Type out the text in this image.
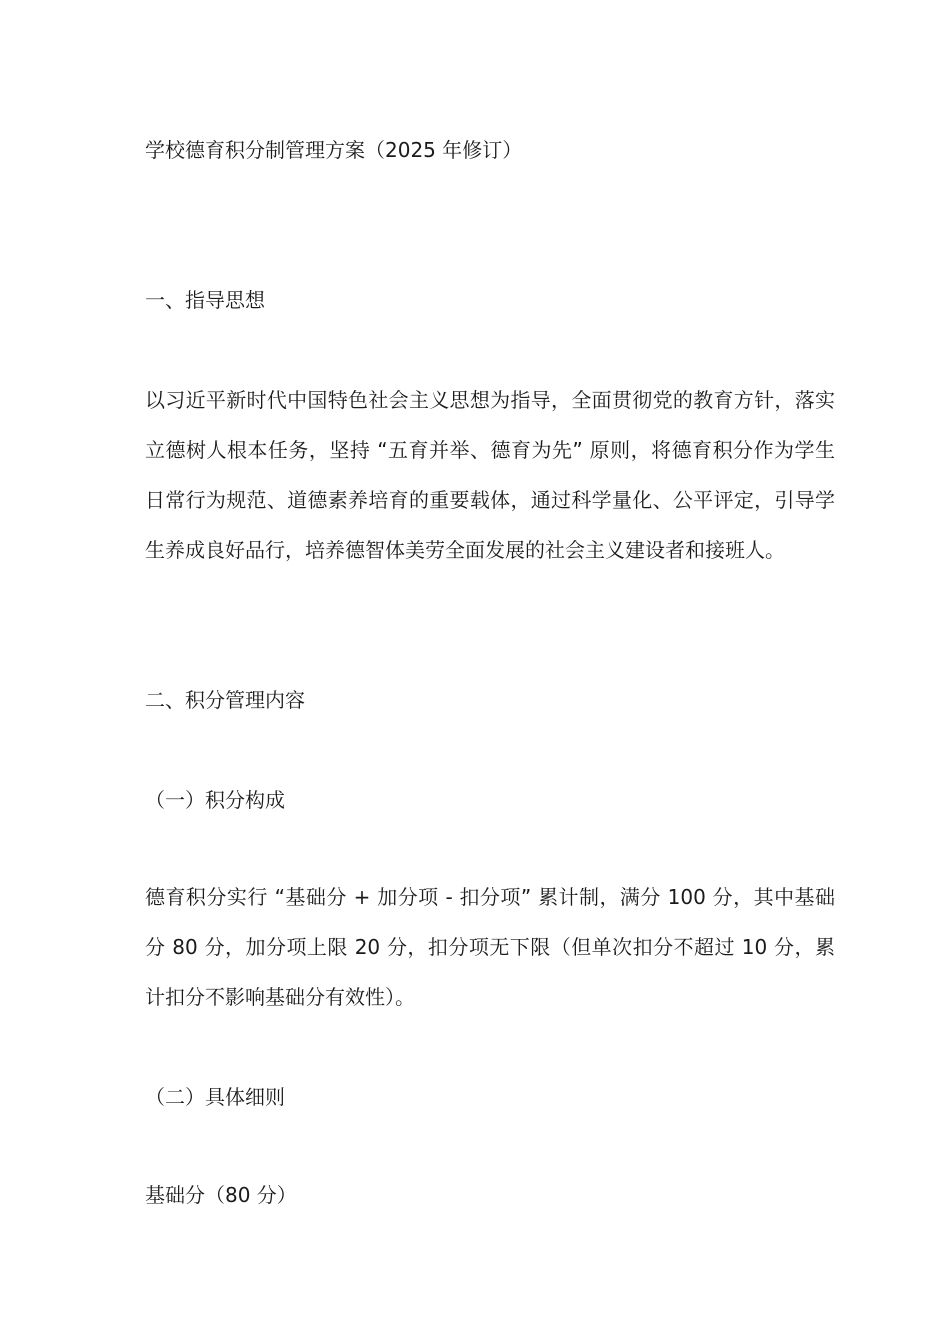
学校德育积分制管理方案（2025 年修订）

一、指导思想

以习近平新时代中国特色社会主义思想为指导，全面贯彻党的教育方针，落实立德树人根本任务，坚持 “五育并举、德育为先” 原则，将德育积分作为学生日常行为规范、道德素养培育的重要载体，通过科学量化、公平评定，引导学生养成良好品行，培养德智体美劳全面发展的社会主义建设者和接班人。

二、积分管理内容

（一）积分构成

德育积分实行 “基础分 + 加分项 - 扣分项” 累计制，满分 100 分，其中基础分 80 分，加分项上限 20 分，扣分项无下限（但单次扣分不超过 10 分，累计扣分不影响基础分有效性）。

（二）具体细则

基础分（80 分）
